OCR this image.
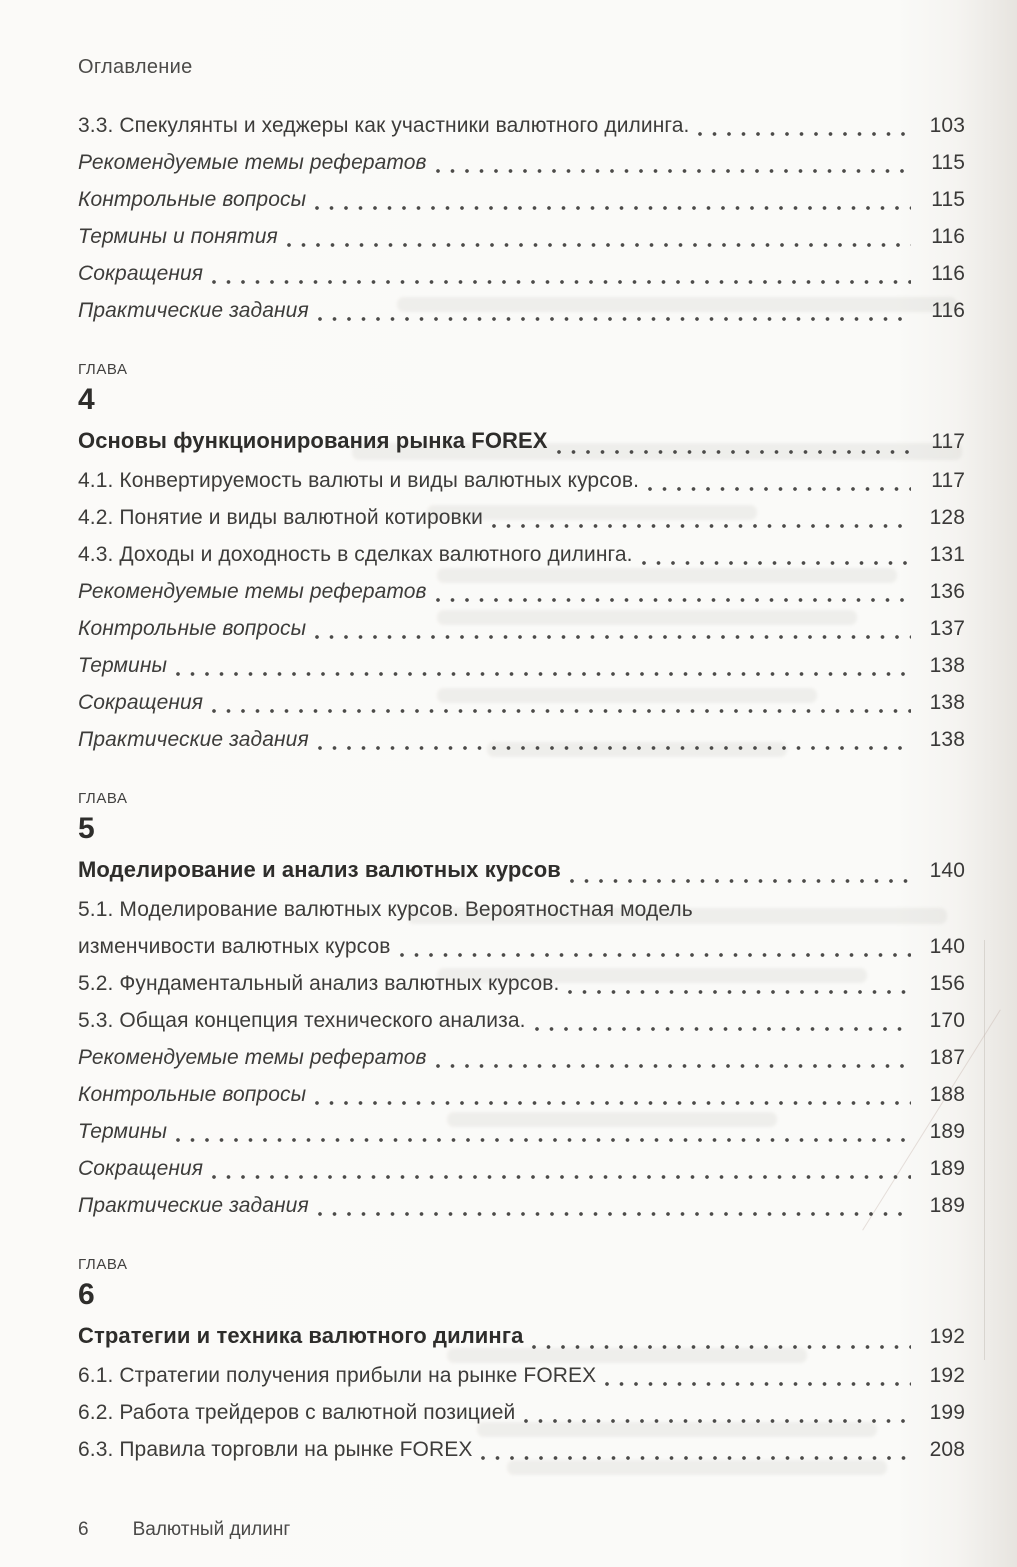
Оглавление
3.3. Спекулянты и хеджеры как участники валютного дилинга.	103
Рекомендуемые темы рефератов	115
Контрольные вопросы	115
Термины и понятия	116
Сокращения	116
Практические задания	116
ГЛАВА
4
Основы функционирования рынка FOREX	117
4.1. Конвертируемость валюты и виды валютных курсов.	117
4.2. Понятие и виды валютной котировки	128
4.3. Доходы и доходность в сделках валютного дилинга.	131
Рекомендуемые темы рефератов	136
Контрольные вопросы	137
Термины	138
Сокращения	138
Практические задания	138
ГЛАВА
5
Моделирование и анализ валютных курсов	140
5.1. Моделирование валютных курсов. Вероятностная модель
изменчивости валютных курсов	140
5.2. Фундаментальный анализ валютных курсов.	156
5.3. Общая концепция технического анализа.	170
Рекомендуемые темы рефератов	187
Контрольные вопросы	188
Термины	189
Сокращения	189
Практические задания	189
ГЛАВА
6
Стратегии и техника валютного дилинга	192
6.1. Стратегии получения прибыли на рынке FOREX	192
6.2. Работа трейдеров с валютной позицией	199
6.3. Правила торговли на рынке FOREX	208
6 Валютный дилинг
